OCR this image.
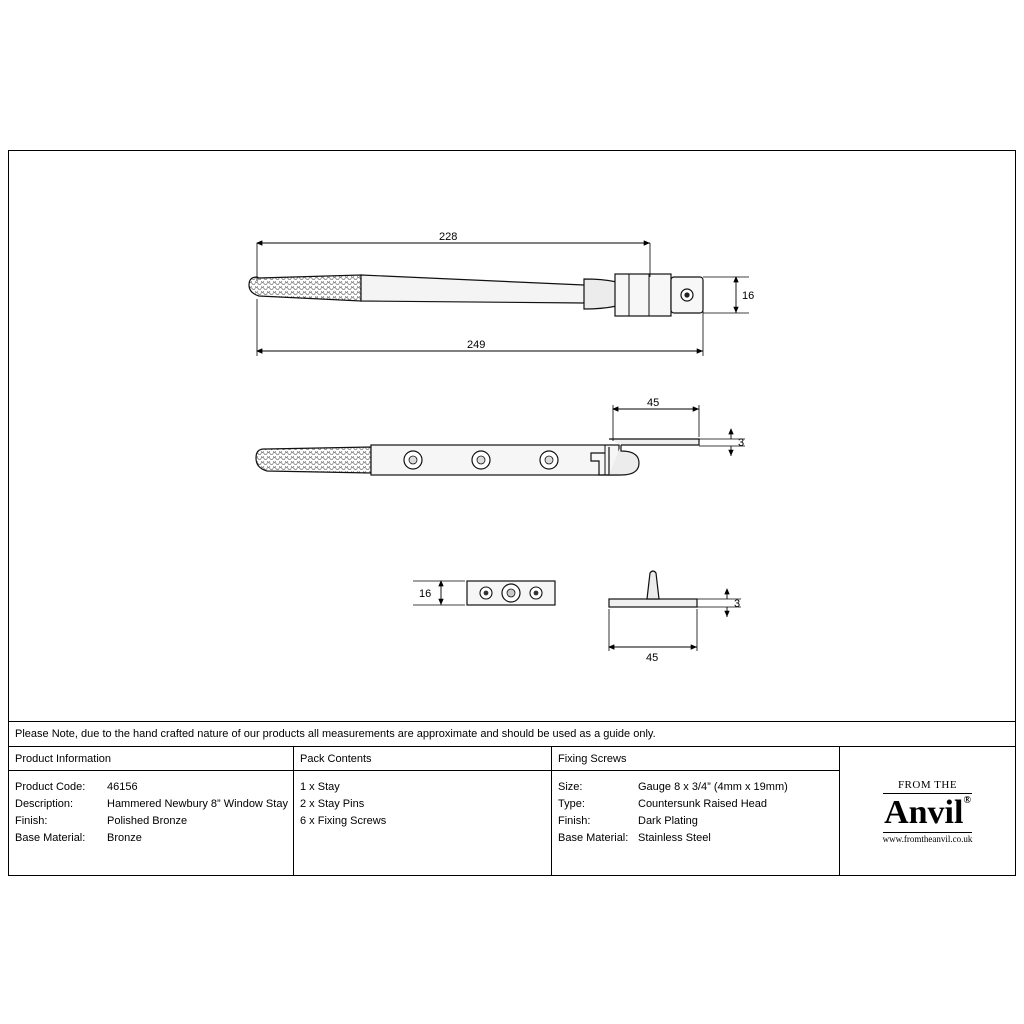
228
249
16
45
3
16
3
45
Please Note, due to the hand crafted nature of our products all measurements are approximate and should be used as a guide only.
Product Information
Product Code:	46156
Description:	Hammered Newbury 8” Window Stay
Finish:	Polished Bronze
Base Material:	Bronze
Pack Contents
1 x Stay
2 x Stay Pins
6 x Fixing Screws
Fixing Screws
Size:	Gauge 8 x 3/4” (4mm x 19mm)
Type:	Countersunk Raised Head
Finish:	Dark Plating
Base Material: Stainless Steel
FROM THE
Anvil®
www.fromtheanvil.co.uk
